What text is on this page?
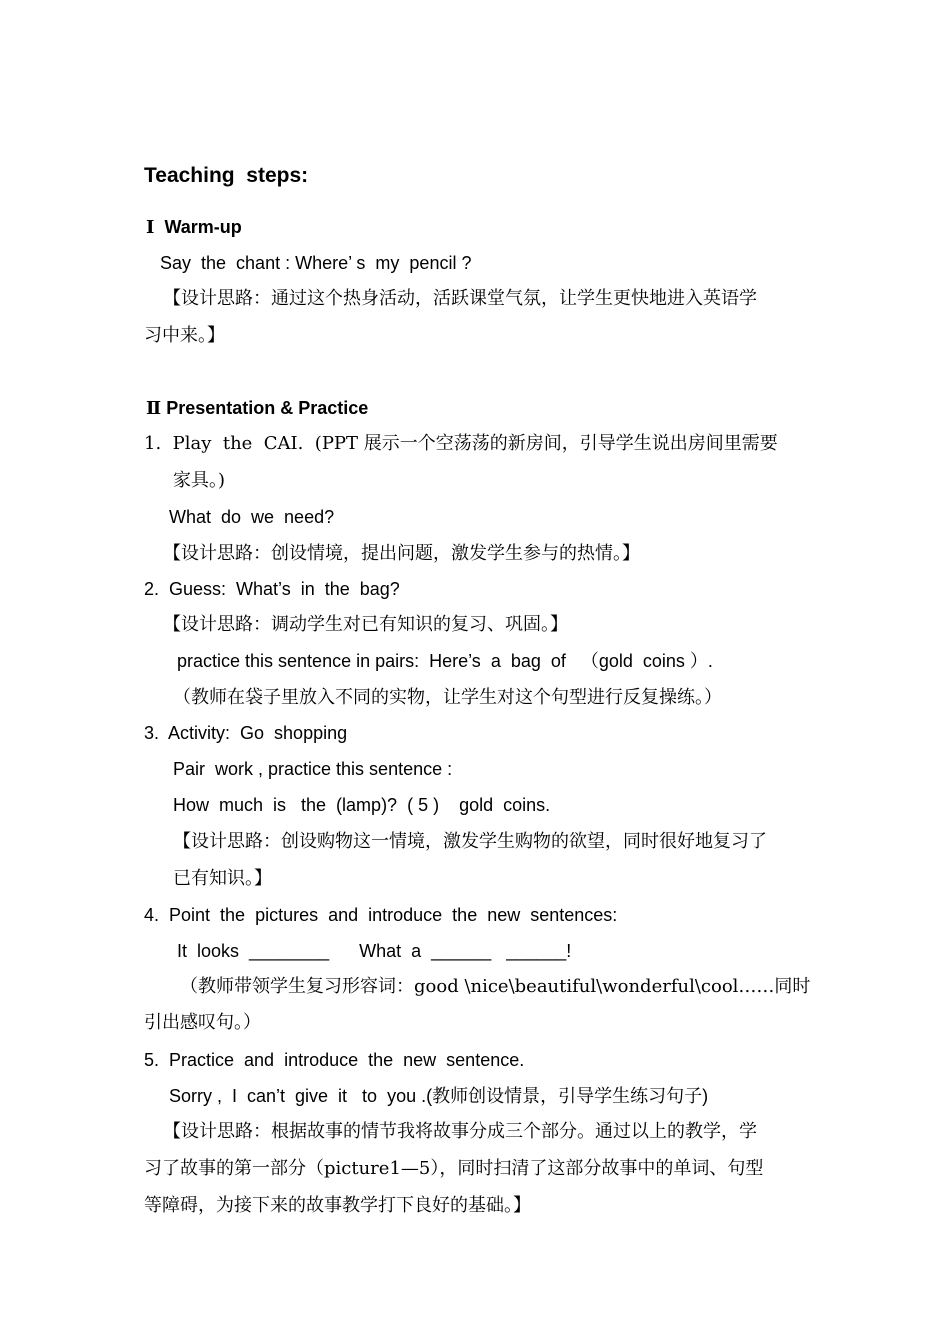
Teaching  steps:
Ⅰ Warm-up
Say  the  chant : Where’ s  my  pencil ?
【设计思路：通过这个热身活动，活跃课堂气氛，让学生更快地进入英语学
习中来。】
Ⅱ Presentation & Practice
1.  Play  the  CAI.  (PPT 展示一个空荡荡的新房间，引导学生说出房间里需要
家具。)
What  do  we  need?
【设计思路：创设情境，提出问题，激发学生参与的热情。】
2.  Guess:  What’s  in  the  bag?
【设计思路：调动学生对已有知识的复习、巩固。】
practice this sentence in pairs:  Here’s  a  bag  of   （gold  coins ）.
（教师在袋子里放入不同的实物，让学生对这个句型进行反复操练。）
3.  Activity:  Go  shopping
Pair  work , practice this sentence :
How  much  is   the  (lamp)?  ( 5 )    gold  coins.
【设计思路：创设购物这一情境，激发学生购物的欲望，同时很好地复习了
已有知识。】
4.  Point  the  pictures  and  introduce  the  new  sentences:
It  looks  ________      What  a  ______   ______!
（教师带领学生复习形容词：good \nice\beautiful\wonderful\cool……同时
引出感叹句。）
5.  Practice  and  introduce  the  new  sentence.
Sorry ,  I  can’t  give  it   to  you .(教师创设情景，引导学生练习句子)
【设计思路：根据故事的情节我将故事分成三个部分。通过以上的教学，学
习了故事的第一部分（picture1—5），同时扫清了这部分故事中的单词、句型
等障碍，为接下来的故事教学打下良好的基础。】
